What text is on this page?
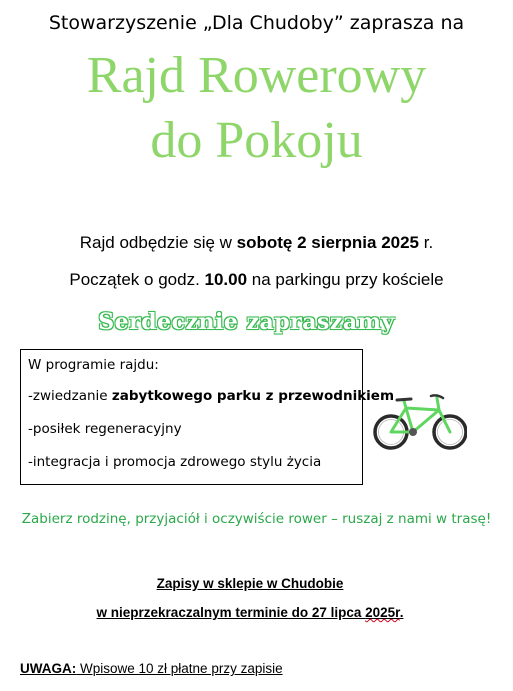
Stowarzyszenie „Dla Chudoby” zaprasza na
Rajd Rowerowy
do Pokoju
Rajd odbędzie się w sobotę 2 sierpnia 2025 r.
Początek o godz. 10.00 na parkingu przy kościele
Serdecznie zapraszamy
W programie rajdu:
-zwiedzanie zabytkowego parku z przewodnikiem
-posiłek regeneracyjny
-integracja i promocja zdrowego stylu życia
Zabierz rodzinę, przyjaciół i oczywiście rower – ruszaj z nami w trasę!
Zapisy w sklepie w Chudobie
w nieprzekraczalnym terminie do 27 lipca 2025r.
UWAGA: Wpisowe 10 zł płatne przy zapisie
